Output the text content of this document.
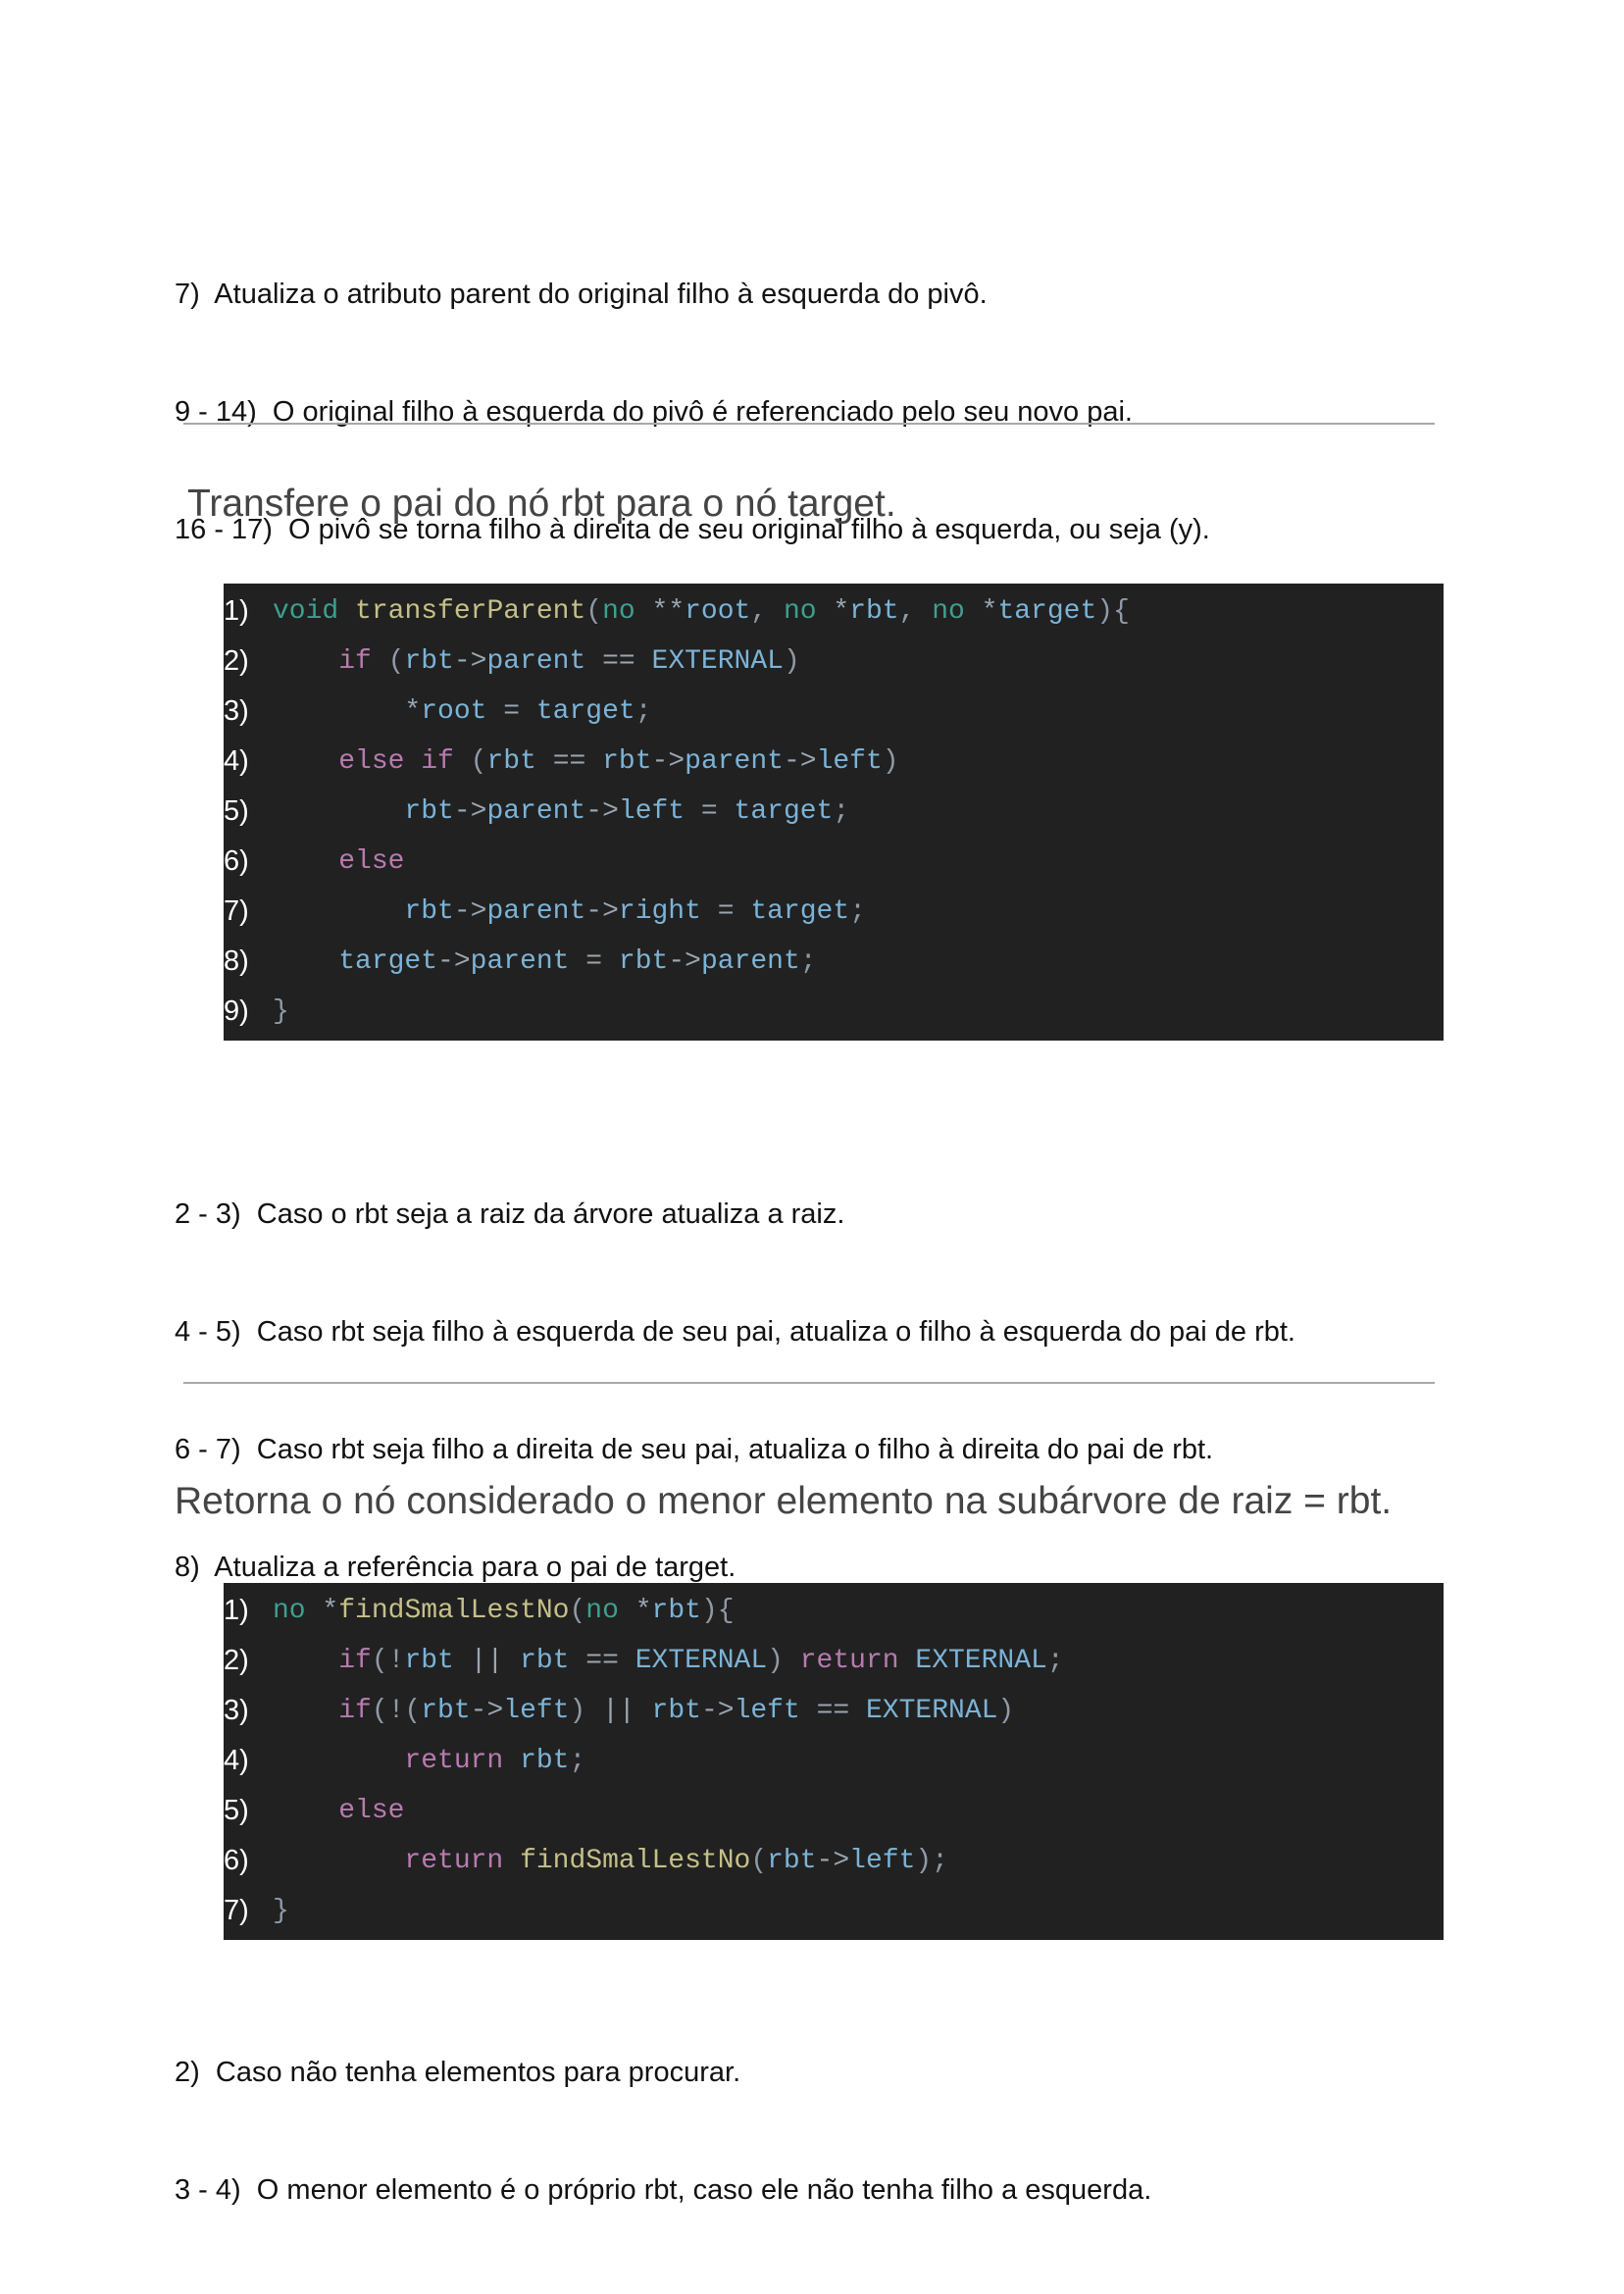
7)  Atualiza o atributo parent do original filho à esquerda do pivô.

9 - 14)  O original filho à esquerda do pivô é referenciado pelo seu novo pai.

16 - 17)  O pivô se torna filho à direita de seu original filho à esquerda, ou seja (y).

Transfere o pai do nó rbt para o nó target.
1) void transferParent(no **root, no *rbt, no *target){
2)	if (rbt->parent == EXTERNAL)
3)	*root = target;
4)	else if (rbt == rbt->parent->left)
5)	rbt->parent->left = target;
6)	else
7)	rbt->parent->right = target;
8)	target->parent = rbt->parent;
9) }

2 - 3)  Caso o rbt seja a raiz da árvore atualiza a raiz.

4 - 5)  Caso rbt seja filho à esquerda de seu pai, atualiza o filho à esquerda do pai de rbt.

6 - 7)  Caso rbt seja filho a direita de seu pai, atualiza o filho à direita do pai de rbt.

8)  Atualiza a referência para o pai de target.

Retorna o nó considerado o menor elemento na subárvore de raiz = rbt.
1) no *findSmalLestNo(no *rbt){
2)	if(!rbt || rbt == EXTERNAL) return EXTERNAL;
3)	if(!(rbt->left) || rbt->left == EXTERNAL)
4)	return rbt;
5)	else
6)	return findSmalLestNo(rbt->left);
7) }

2)  Caso não tenha elementos para procurar.

3 - 4)  O menor elemento é o próprio rbt, caso ele não tenha filho a esquerda.
